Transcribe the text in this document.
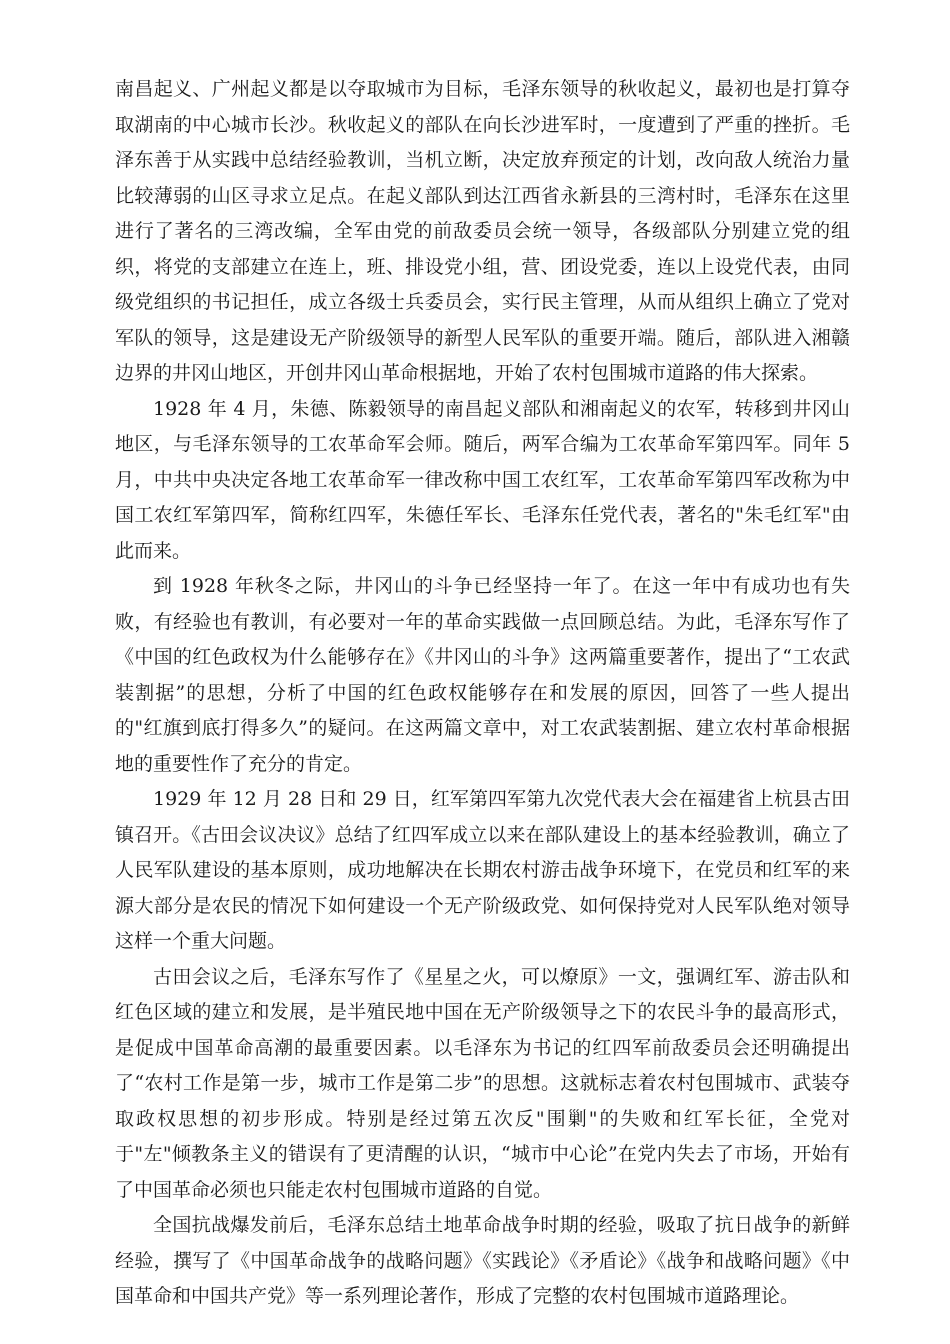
南昌起义、广州起义都是以夺取城市为目标，毛泽东领导的秋收起义，最初也是打算夺取湖南的中心城市长沙。秋收起义的部队在向长沙进军时，一度遭到了严重的挫折。毛泽东善于从实践中总结经验教训，当机立断，决定放弃预定的计划，改向敌人统治力量比较薄弱的山区寻求立足点。在起义部队到达江西省永新县的三湾村时，毛泽东在这里进行了著名的三湾改编，全军由党的前敌委员会统一领导，各级部队分别建立党的组织，将党的支部建立在连上，班、排设党小组，营、团设党委，连以上设党代表，由同级党组织的书记担任，成立各级士兵委员会，实行民主管理，从而从组织上确立了党对军队的领导，这是建设无产阶级领导的新型人民军队的重要开端。随后，部队进入湘赣边界的井冈山地区，开创井冈山革命根据地，开始了农村包围城市道路的伟大探索。

1928 年 4 月，朱德、陈毅领导的南昌起义部队和湘南起义的农军，转移到井冈山地区，与毛泽东领导的工农革命军会师。随后，两军合编为工农革命军第四军。同年 5 月，中共中央决定各地工农革命军一律改称中国工农红军，工农革命军第四军改称为中国工农红军第四军，简称红四军，朱德任军长、毛泽东任党代表，著名的"朱毛红军"由此而来。

到 1928 年秋冬之际，井冈山的斗争已经坚持一年了。在这一年中有成功也有失败，有经验也有教训，有必要对一年的革命实践做一点回顾总结。为此，毛泽东写作了《中国的红色政权为什么能够存在》《井冈山的斗争》这两篇重要著作，提出了“工农武装割据”的思想，分析了中国的红色政权能够存在和发展的原因，回答了一些人提出的"红旗到底打得多久”的疑问。在这两篇文章中，对工农武装割据、建立农村革命根据地的重要性作了充分的肯定。

1929 年 12 月 28 日和 29 日，红军第四军第九次党代表大会在福建省上杭县古田镇召开。《古田会议决议》总结了红四军成立以来在部队建设上的基本经验教训，确立了人民军队建设的基本原则，成功地解决在长期农村游击战争环境下，在党员和红军的来源大部分是农民的情况下如何建设一个无产阶级政党、如何保持党对人民军队绝对领导这样一个重大问题。

古田会议之后，毛泽东写作了《星星之火，可以燎原》一文，强调红军、游击队和红色区域的建立和发展，是半殖民地中国在无产阶级领导之下的农民斗争的最高形式，是促成中国革命高潮的最重要因素。以毛泽东为书记的红四军前敌委员会还明确提出了“农村工作是第一步，城市工作是第二步”的思想。这就标志着农村包围城市、武装夺取政权思想的初步形成。特别是经过第五次反"围剿"的失败和红军长征，全党对于"左"倾教条主义的错误有了更清醒的认识，“城市中心论”在党内失去了市场，开始有了中国革命必须也只能走农村包围城市道路的自觉。

全国抗战爆发前后，毛泽东总结土地革命战争时期的经验，吸取了抗日战争的新鲜经验，撰写了《中国革命战争的战略问题》《实践论》《矛盾论》《战争和战略问题》《中国革命和中国共产党》等一系列理论著作，形成了完整的农村包围城市道路理论。
